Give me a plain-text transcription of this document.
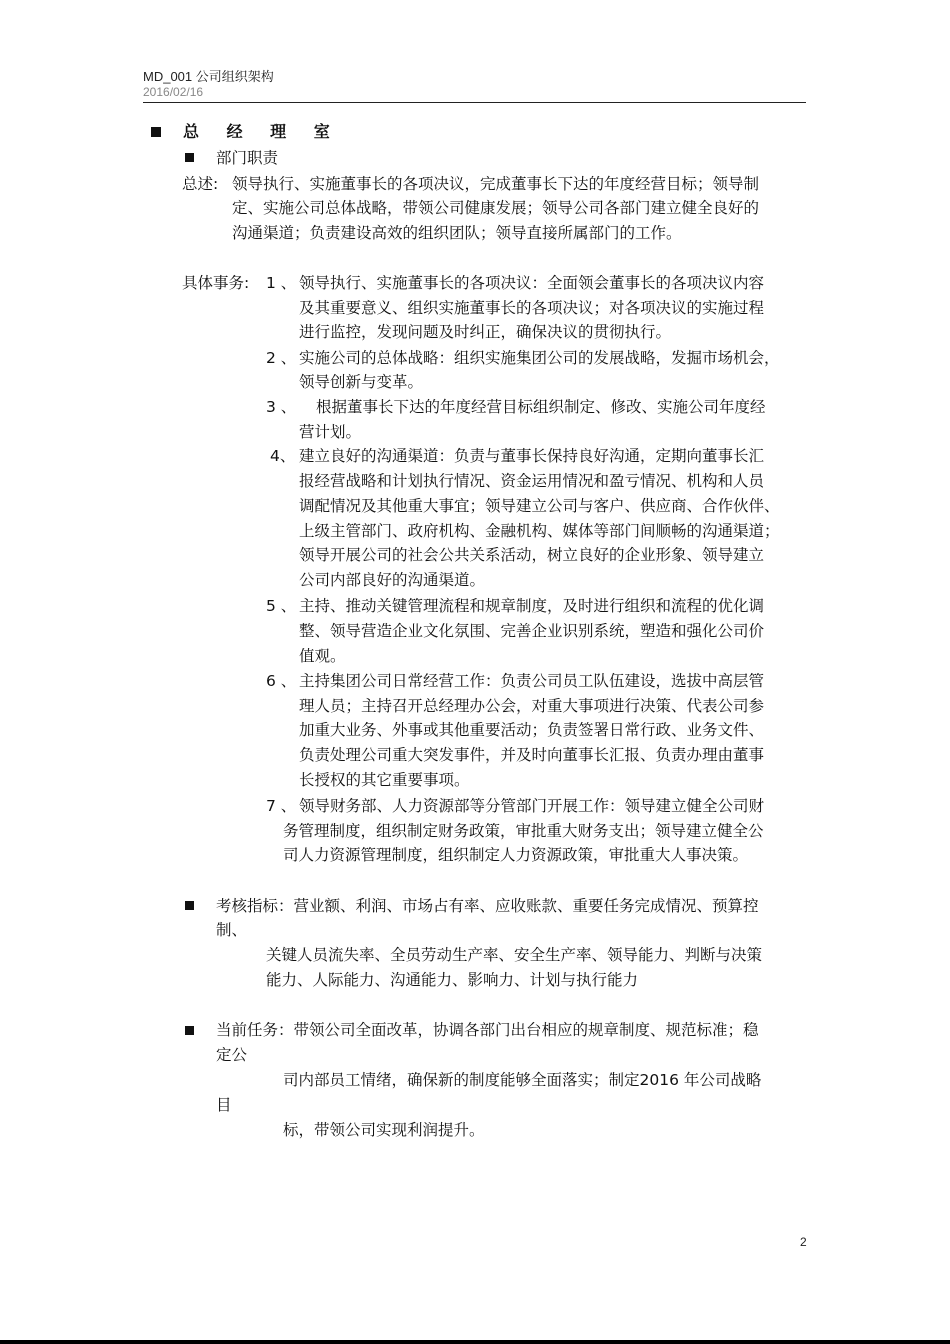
MD_001 公司组织架构
2016/02/16
总 经 理 室
部门职责
总述: 领导执行、实施董事长的各项决议，完成董事长下达的年度经营目标；领导制
定、实施公司总体战略，带领公司健康发展；领导公司各部门建立健全良好的
沟通渠道；负责建设高效的组织团队；领导直接所属部门的工作。
具体事务: 1 、 领导执行、实施董事长的各项决议：全面领会董事长的各项决议内容
及其重要意义、组织实施董事长的各项决议；对各项决议的实施过程
进行监控，发现问题及时纠正，确保决议的贯彻执行。
2 、 实施公司的总体战略：组织实施集团公司的发展战略，发掘市场机会，
领导创新与变革。
3 、 根据董事长下达的年度经营目标组织制定、修改、实施公司年度经
营计划。
4、 建立良好的沟通渠道：负责与董事长保持良好沟通，定期向董事长汇
报经营战略和计划执行情况、资金运用情况和盈亏情况、机构和人员
调配情况及其他重大事宜；领导建立公司与客户、供应商、合作伙伴、
上级主管部门、政府机构、金融机构、媒体等部门间顺畅的沟通渠道；
领导开展公司的社会公共关系活动，树立良好的企业形象、领导建立
公司内部良好的沟通渠道。
5 、 主持、推动关键管理流程和规章制度，及时进行组织和流程的优化调
整、领导营造企业文化氛围、完善企业识别系统，塑造和强化公司价
值观。
6 、 主持集团公司日常经营工作：负责公司员工队伍建设，选拔中高层管
理人员；主持召开总经理办公会，对重大事项进行决策、代表公司参
加重大业务、外事或其他重要活动；负责签署日常行政、业务文件、
负责处理公司重大突发事件，并及时向董事长汇报、负责办理由董事
长授权的其它重要事项。
7 、 领导财务部、人力资源部等分管部门开展工作：领导建立健全公司财
务管理制度，组织制定财务政策，审批重大财务支出；领导建立健全公
司人力资源管理制度，组织制定人力资源政策，审批重大人事决策。
考核指标：营业额、利润、市场占有率、应收账款、重要任务完成情况、预算控
制、
关键人员流失率、全员劳动生产率、安全生产率、领导能力、判断与决策
能力、人际能力、沟通能力、影响力、计划与执行能力
当前任务：带领公司全面改革，协调各部门出台相应的规章制度、规范标准；稳
定公
司内部员工情绪，确保新的制度能够全面落实；制定2016 年公司战略
目
标，带领公司实现利润提升。
2
